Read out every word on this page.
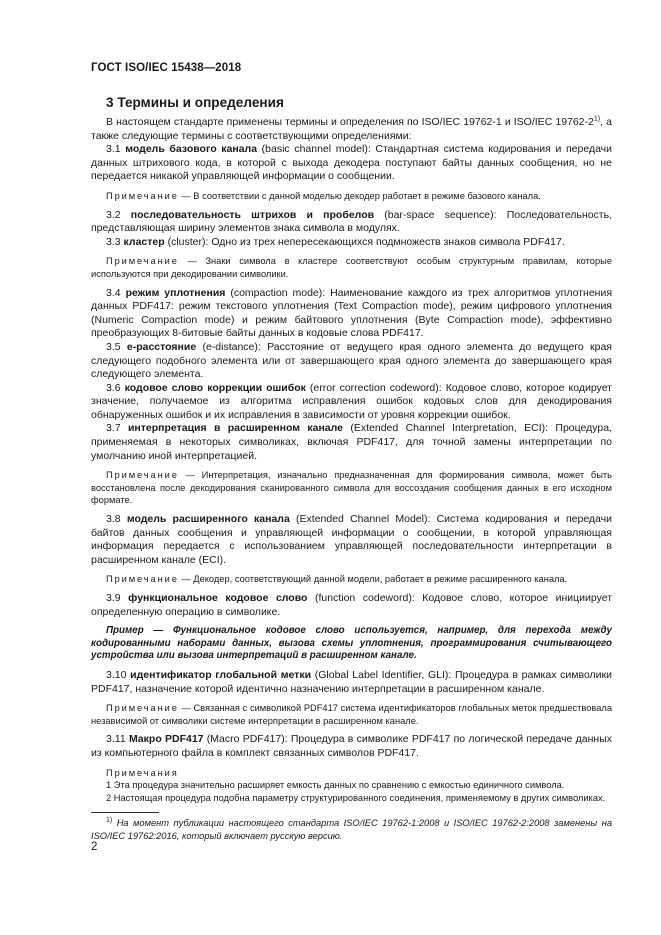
ГОСТ ISO/IEC 15438—2018
3 Термины и определения

В настоящем стандарте применены термины и определения по ISO/IEC 19762-1 и ISO/IEC 19762-2$^{1)}$, а также следующие термины с соответствующими определениями:

3.1 модель базового канала (basic channel model): Стандартная система кодирования и передачи данных штрихового кода, в которой с выхода декодера поступают байты данных сообщения, но не передается никакой управляющей информации о сообщении.

Примечание — В соответствии с данной моделью декодер работает в режиме базового канала.

3.2 последовательность штрихов и пробелов (bar-space sequence): Последовательность, представляющая ширину элементов знака символа в модулях.

3.3 кластер (cluster): Одно из трех непересекающихся подмножеств знаков символа PDF417.

Примечание — Знаки символа в кластере соответствуют особым структурным правилам, которые используются при декодировании символики.

3.4 режим уплотнения (compaction mode): Наименование каждого из трех алгоритмов уплотнения данных PDF417: режим текстового уплотнения (Text Compaction mode), режим цифрового уплотнения (Numeric Compaction mode) и режим байтового уплотнения (Byte Compaction mode), эффективно преобразующих 8-битовые байты данных в кодовые слова PDF417.

3.5 е-расстояние (e-distance): Расстояние от ведущего края одного элемента до ведущего края следующего подобного элемента или от завершающего края одного элемента до завершающего края следующего элемента.

3.6 кодовое слово коррекции ошибок (error correction codeword): Кодовое слово, которое кодирует значение, получаемое из алгоритма исправления ошибок кодовых слов для декодирования обнаруженных ошибок и их исправления в зависимости от уровня коррекции ошибок.

3.7 интерпретация в расширенном канале (Extended Channel Interpretation, ECI): Процедура, применяемая в некоторых символиках, включая PDF417, для точной замены интерпретации по умолчанию иной интерпретацией.

Примечание — Интерпретация, изначально предназначенная для формирования символа, может быть восстановлена после декодирования сканированного символа для воссоздания сообщения данных в его исходном формате.

3.8 модель расширенного канала (Extended Channel Model): Система кодирования и передачи байтов данных сообщения и управляющей информации о сообщении, в которой управляющая информация передается с использованием управляющей последовательности интерпретации в расширенном канале (ECI).

Примечание — Декодер, соответствующий данной модели, работает в режиме расширенного канала.

3.9 функциональное кодовое слово (function codeword): Кодовое слово, которое инициирует определенную операцию в символике.

Пример — Функциональное кодовое слово используется, например, для перехода между кодированными наборами данных, вызова схемы уплотнения, программирования считывающего устройства или вызова интерпретаций в расширенном канале.

3.10 идентификатор глобальной метки (Global Label Identifier, GLI): Процедура в рамках символики PDF417, назначение которой идентично назначению интерпретации в расширенном канале.

Примечание — Связанная с символикой PDF417 система идентификаторов глобальных меток предшествовала независимой от символики системе интерпретации в расширенном канале.

3.11 Макро PDF417 (Macro PDF417): Процедура в символике PDF417 по логической передаче данных из компьютерного файла в комплект связанных символов PDF417.

Примечания

1 Эта процедура значительно расширяет емкость данных по сравнению с емкостью единичного символа.

2 Настоящая процедура подобна параметру структурированного соединения, применяемому в других символиках.

$^{1)}$ На момент публикации настоящего стандарта ISO/IEC 19762-1:2008 и ISO/IEC 19762-2:2008 заменены на ISO/IEC 19762:2016, который включает русскую версию.
2
